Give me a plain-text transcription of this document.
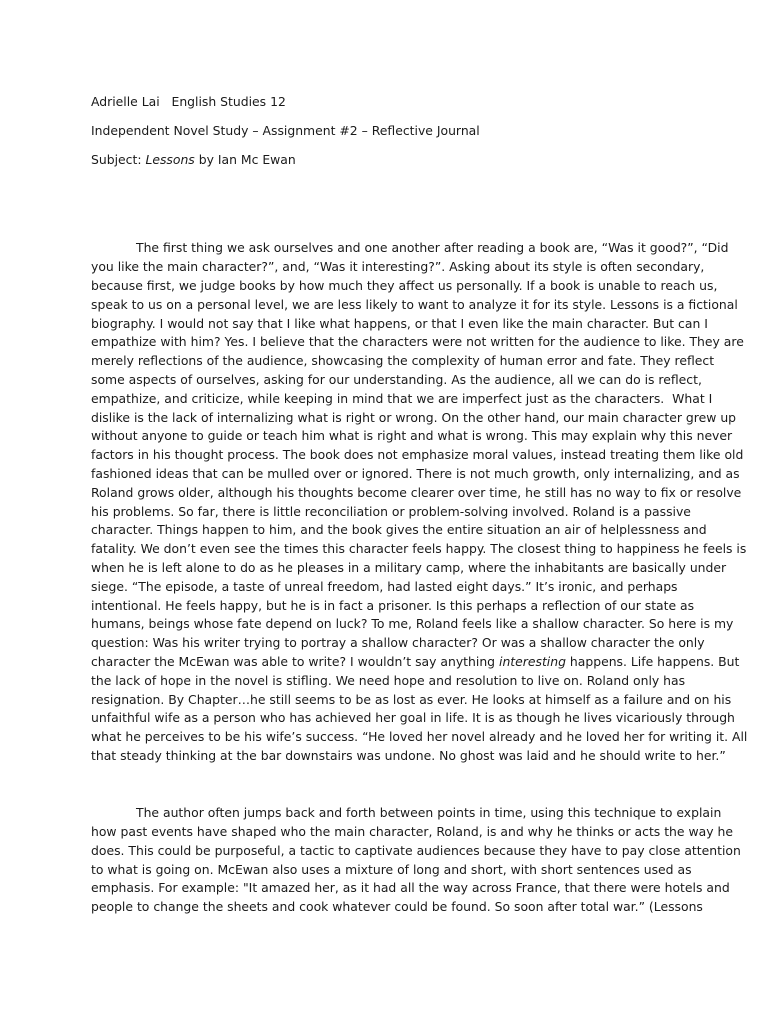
Adrielle Lai   English Studies 12
Independent Novel Study – Assignment #2 – Reflective Journal
Subject: Lessons by Ian Mc Ewan
The first thing we ask ourselves and one another after reading a book are, “Was it good?”, “Did
you like the main character?”, and, “Was it interesting?”. Asking about its style is often secondary,
because first, we judge books by how much they affect us personally. If a book is unable to reach us,
speak to us on a personal level, we are less likely to want to analyze it for its style. Lessons is a fictional
biography. I would not say that I like what happens, or that I even like the main character. But can I
empathize with him? Yes. I believe that the characters were not written for the audience to like. They are
merely reflections of the audience, showcasing the complexity of human error and fate. They reflect
some aspects of ourselves, asking for our understanding. As the audience, all we can do is reflect,
empathize, and criticize, while keeping in mind that we are imperfect just as the characters.  What I
dislike is the lack of internalizing what is right or wrong. On the other hand, our main character grew up
without anyone to guide or teach him what is right and what is wrong. This may explain why this never
factors in his thought process. The book does not emphasize moral values, instead treating them like old
fashioned ideas that can be mulled over or ignored. There is not much growth, only internalizing, and as
Roland grows older, although his thoughts become clearer over time, he still has no way to fix or resolve
his problems. So far, there is little reconciliation or problem-solving involved. Roland is a passive
character. Things happen to him, and the book gives the entire situation an air of helplessness and
fatality. We don’t even see the times this character feels happy. The closest thing to happiness he feels is
when he is left alone to do as he pleases in a military camp, where the inhabitants are basically under
siege. “The episode, a taste of unreal freedom, had lasted eight days.” It’s ironic, and perhaps
intentional. He feels happy, but he is in fact a prisoner. Is this perhaps a reflection of our state as
humans, beings whose fate depend on luck? To me, Roland feels like a shallow character. So here is my
question: Was his writer trying to portray a shallow character? Or was a shallow character the only
character the McEwan was able to write? I wouldn’t say anything interesting happens. Life happens. But
the lack of hope in the novel is stifling. We need hope and resolution to live on. Roland only has
resignation. By Chapter…he still seems to be as lost as ever. He looks at himself as a failure and on his
unfaithful wife as a person who has achieved her goal in life. It is as though he lives vicariously through
what he perceives to be his wife’s success. “He loved her novel already and he loved her for writing it. All
that steady thinking at the bar downstairs was undone. No ghost was laid and he should write to her.”
The author often jumps back and forth between points in time, using this technique to explain
how past events have shaped who the main character, Roland, is and why he thinks or acts the way he
does. This could be purposeful, a tactic to captivate audiences because they have to pay close attention
to what is going on. McEwan also uses a mixture of long and short, with short sentences used as
emphasis. For example: "It amazed her, as it had all the way across France, that there were hotels and
people to change the sheets and cook whatever could be found. So soon after total war.” (Lessons
